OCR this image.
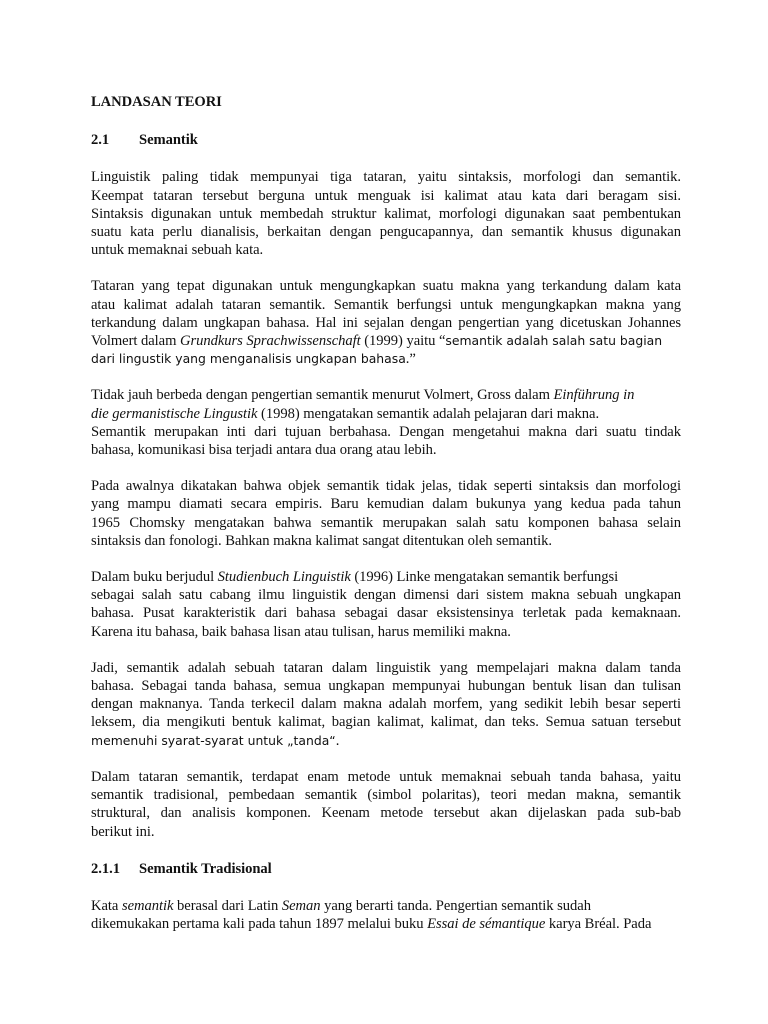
LANDASAN TEORI
2.1 Semantik
Linguistik paling tidak mempunyai tiga tataran, yaitu sintaksis, morfologi dan semantik.
Keempat tataran tersebut berguna untuk menguak isi kalimat atau kata dari beragam sisi.
Sintaksis digunakan untuk membedah struktur kalimat, morfologi digunakan saat pembentukan
suatu kata perlu dianalisis, berkaitan dengan pengucapannya, dan semantik khusus digunakan
untuk memaknai sebuah kata.
Tataran yang tepat digunakan untuk mengungkapkan suatu makna yang terkandung dalam kata
atau kalimat adalah tataran semantik. Semantik berfungsi untuk mengungkapkan makna yang
terkandung dalam ungkapan bahasa. Hal ini sejalan dengan pengertian yang dicetuskan Johannes
Volmert dalam Grundkurs Sprachwissenschaft (1999) yaitu “semantik adalah salah satu bagian
dari lingustik yang menganalisis ungkapan bahasa.”
Tidak jauh berbeda dengan pengertian semantik menurut Volmert, Gross dalam Einführung in
die germanistische Lingustik (1998) mengatakan semantik adalah pelajaran dari makna.
Semantik merupakan inti dari tujuan berbahasa. Dengan mengetahui makna dari suatu tindak
bahasa, komunikasi bisa terjadi antara dua orang atau lebih.
Pada awalnya dikatakan bahwa objek semantik tidak jelas, tidak seperti sintaksis dan morfologi
yang mampu diamati secara empiris. Baru kemudian dalam bukunya yang kedua pada tahun
1965 Chomsky mengatakan bahwa semantik merupakan salah satu komponen bahasa selain
sintaksis dan fonologi. Bahkan makna kalimat sangat ditentukan oleh semantik.
Dalam buku berjudul Studienbuch Linguistik (1996) Linke mengatakan semantik berfungsi
sebagai salah satu cabang ilmu linguistik dengan dimensi dari sistem makna sebuah ungkapan
bahasa. Pusat karakteristik dari bahasa sebagai dasar eksistensinya terletak pada kemaknaan.
Karena itu bahasa, baik bahasa lisan atau tulisan, harus memiliki makna.
Jadi, semantik adalah sebuah tataran dalam linguistik yang mempelajari makna dalam tanda
bahasa. Sebagai tanda bahasa, semua ungkapan mempunyai hubungan bentuk lisan dan tulisan
dengan maknanya. Tanda terkecil dalam makna adalah morfem, yang sedikit lebih besar seperti
leksem, dia mengikuti bentuk kalimat, bagian kalimat, kalimat, dan teks. Semua satuan tersebut
memenuhi syarat-syarat untuk „tanda“.
Dalam tataran semantik, terdapat enam metode untuk memaknai sebuah tanda bahasa, yaitu
semantik tradisional, pembedaan semantik (simbol polaritas), teori medan makna, semantik
struktural, dan analisis komponen. Keenam metode tersebut akan dijelaskan pada sub-bab
berikut ini.
2.1.1 Semantik Tradisional
Kata semantik berasal dari Latin Seman yang berarti tanda. Pengertian semantik sudah
dikemukakan pertama kali pada tahun 1897 melalui buku Essai de sémantique karya Bréal. Pada
